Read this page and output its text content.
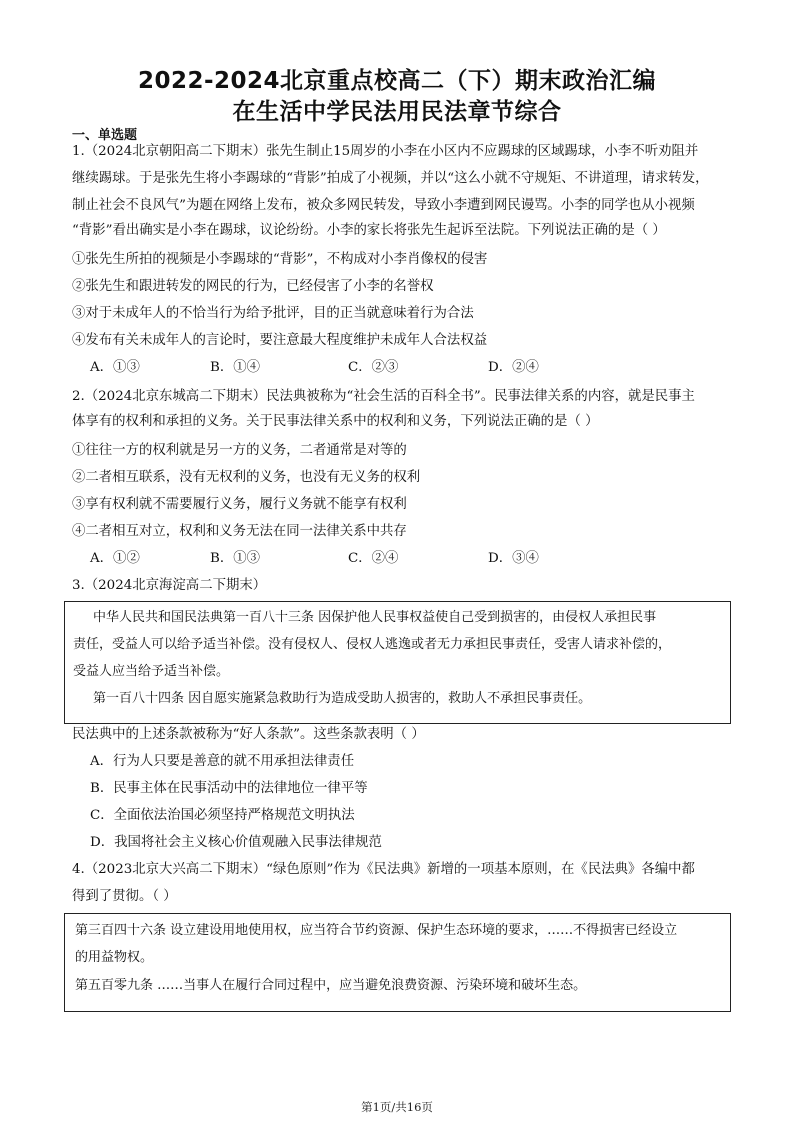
2022-2024北京重点校高二（下）期末政治汇编
在生活中学民法用民法章节综合
一、单选题
1.（2024北京朝阳高二下期末）张先生制止15周岁的小李在小区内不应踢球的区域踢球，小李不听劝阻并
继续踢球。于是张先生将小李踢球的“背影”拍成了小视频，并以“这么小就不守规矩、不讲道理，请求转发，
制止社会不良风气”为题在网络上发布，被众多网民转发，导致小李遭到网民谩骂。小李的同学也从小视频
“背影”看出确实是小李在踢球，议论纷纷。小李的家长将张先生起诉至法院。下列说法正确的是（ ）
①张先生所拍的视频是小李踢球的“背影”，不构成对小李肖像权的侵害
②张先生和跟进转发的网民的行为，已经侵害了小李的名誉权
③对于未成年人的不恰当行为给予批评，目的正当就意味着行为合法
④发布有关未成年人的言论时，要注意最大程度维护未成年人合法权益
A．①③	B．①④	C．②③	D．②④
2.（2024北京东城高二下期末）民法典被称为“社会生活的百科全书”。民事法律关系的内容，就是民事主
体享有的权利和承担的义务。关于民事法律关系中的权利和义务，下列说法正确的是（ ）
①往往一方的权利就是另一方的义务，二者通常是对等的
②二者相互联系，没有无权利的义务，也没有无义务的权利
③享有权利就不需要履行义务，履行义务就不能享有权利
④二者相互对立，权利和义务无法在同一法律关系中共存
A．①②	B．①③	C．②④	D．③④
3.（2024北京海淀高二下期末）
中华人民共和国民法典第一百八十三条 因保护他人民事权益使自己受到损害的，由侵权人承担民事
责任，受益人可以给予适当补偿。没有侵权人、侵权人逃逸或者无力承担民事责任，受害人请求补偿的，
受益人应当给予适当补偿。
第一百八十四条 因自愿实施紧急救助行为造成受助人损害的，救助人不承担民事责任。
民法典中的上述条款被称为“好人条款”。这些条款表明（ ）
A．行为人只要是善意的就不用承担法律责任
B．民事主体在民事活动中的法律地位一律平等
C．全面依法治国必须坚持严格规范文明执法
D．我国将社会主义核心价值观融入民事法律规范
4.（2023北京大兴高二下期末）“绿色原则”作为《民法典》新增的一项基本原则，在《民法典》各编中都
得到了贯彻。（ ）
第三百四十六条 设立建设用地使用权，应当符合节约资源、保护生态环境的要求，……不得损害已经设立
的用益物权。
第五百零九条 ……当事人在履行合同过程中，应当避免浪费资源、污染环境和破坏生态。
第1页/共16页
